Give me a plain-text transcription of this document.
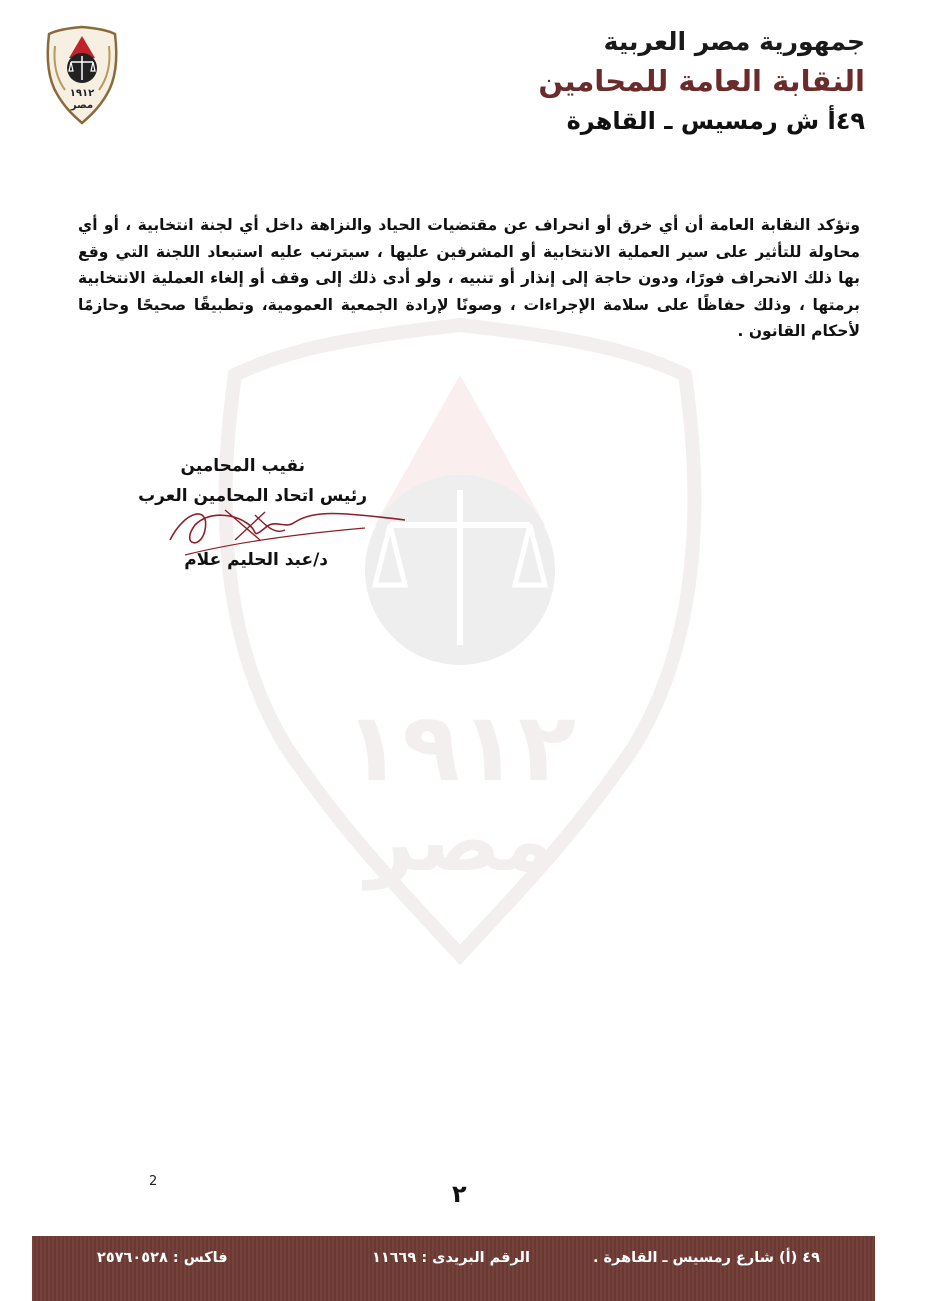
١٩١٢
مصر
١٩١٢
مصر
جمهورية مصر العربية
النقابة العامة للمحامين
٤٩أ ش رمسيس ـ القاهرة
وتؤكد النقابة العامة أن أي خرق أو انحراف عن مقتضيات الحياد والنزاهة داخل أي لجنة انتخابية ، أو أي محاولة للتأثير على سير العملية الانتخابية أو المشرفين عليها ، سيترتب عليه استبعاد اللجنة التي وقع بها ذلك الانحراف فورًا، ودون حاجة إلى إنذار أو تنبيه ، ولو أدى ذلك إلى وقف أو إلغاء العملية الانتخابية برمتها ، وذلك حفاظًا على سلامة الإجراءات ، وصونًا لإرادة الجمعية العمومية، وتطبيقًا صحيحًا وحازمًا لأحكام القانون .
نقيب المحامين
رئيس اتحاد المحامين العرب
د/عبد الحليم علام
2	٢
٤٩ (أ) شارع رمسيس ـ القاهرة .
الرقم البريدى : ١١٦٦٩
فاكس : ٢٥٧٦٠٥٢٨
